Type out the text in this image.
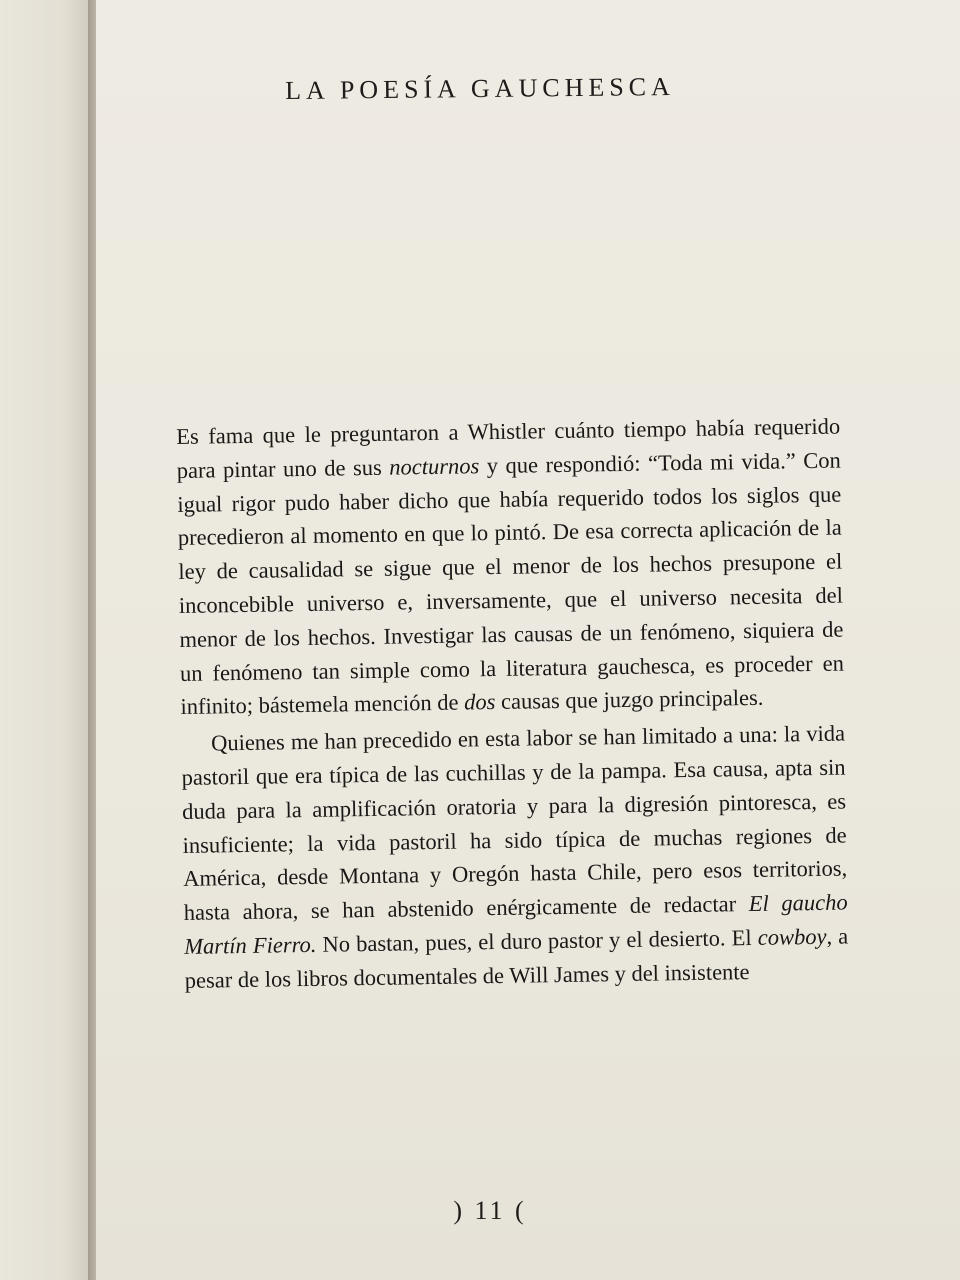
LA POESÍA GAUCHESCA

Es fama que le preguntaron a Whistler cuánto tiempo había requerido para pintar uno de sus nocturnos y que respondió: “Toda mi vida.” Con igual rigor pudo haber dicho que había requerido todos los siglos que precedieron al momento en que lo pintó. De esa correcta aplicación de la ley de causalidad se sigue que el menor de los hechos presupone el inconcebible universo e, inversamente, que el universo necesita del menor de los hechos. Investigar las causas de un fenómeno, siquiera de un fenómeno tan simple como la literatura gauchesca, es proceder en infinito; bástemela mención de dos causas que juzgo principales.

Quienes me han precedido en esta labor se han limitado a una: la vida pastoril que era típica de las cuchillas y de la pampa. Esa causa, apta sin duda para la amplificación oratoria y para la digresión pintoresca, es insuficiente; la vida pastoril ha sido típica de muchas regiones de América, desde Montana y Oregón hasta Chile, pero esos territorios, hasta ahora, se han abstenido enérgicamente de redactar El gaucho Martín Fierro. No bastan, pues, el duro pastor y el desierto. El cowboy, a pesar de los libros documentales de Will James y del insistente

) 11 (
